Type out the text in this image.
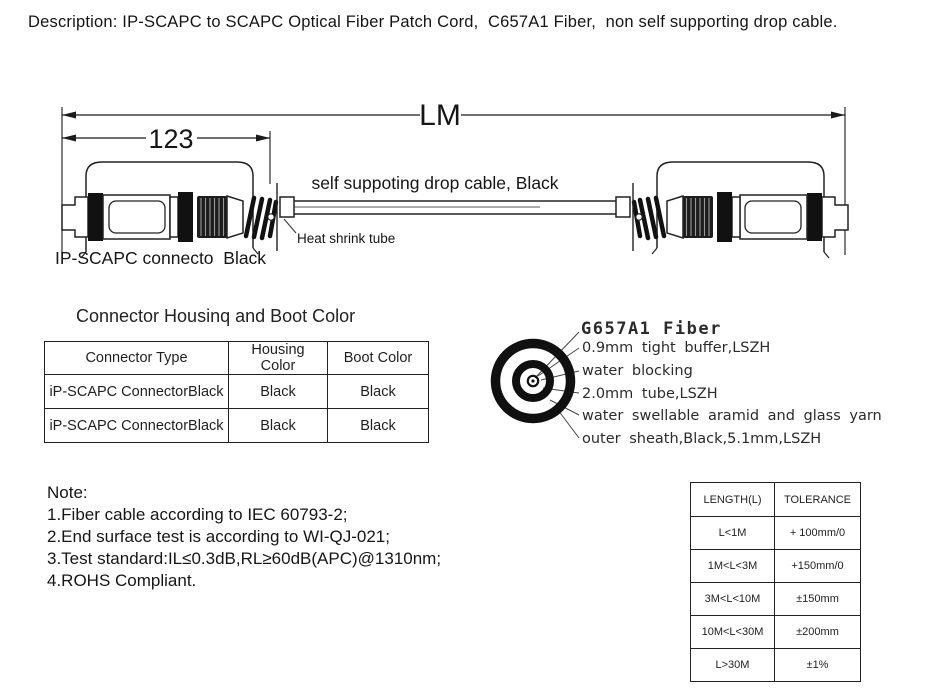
Description: IP-SCAPC to SCAPC Optical Fiber Patch Cord,  C657A1 Fiber,  non self supporting drop cable.
LM
123
self suppoting drop cable, Black
Heat shrink tube
IP-SCAPC connecto  Black
Connector Housinq and Boot Color
Connector Type	Housing Color	Boot Color
iP-SCAPC ConnectorBlack	Black	Black
iP-SCAPC ConnectorBlack	Black	Black
G657A1 Fiber
0.9mm tight buffer,LSZH
water blocking
2.0mm tube,LSZH
water swellable aramid and glass yarn
outer sheath,Black,5.1mm,LSZH
Note:
1.Fiber cable according to IEC 60793-2;
2.End surface test is according to WI-QJ-021;
3.Test standard:IL≤0.3dB,RL≥60dB(APC)@1310nm;
4.ROHS Compliant.
LENGTH(L)	TOLERANCE
L<1M	+ 100mm/0
1M<L<3M	+150mm/0
3M<L<10M	±150mm
10M<L<30M	±200mm
L>30M	±1%
